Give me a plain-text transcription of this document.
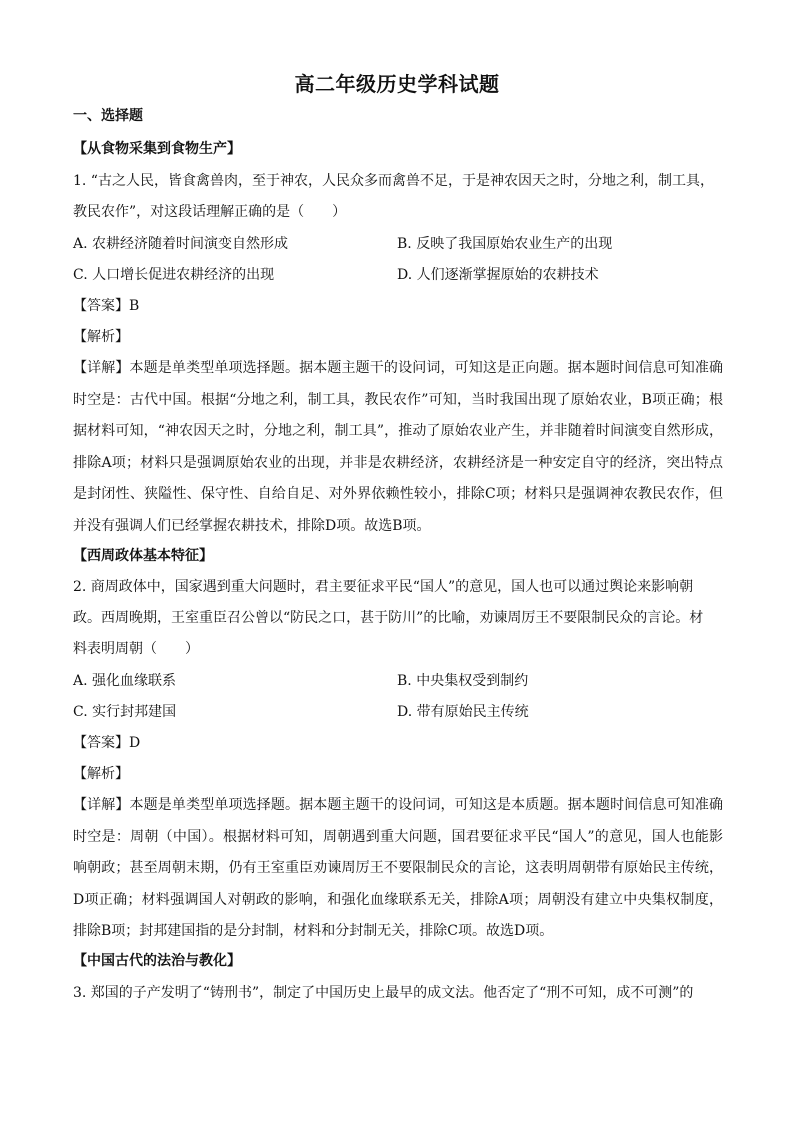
高二年级历史学科试题
一、选择题
【从食物采集到食物生产】
1. “古之人民，皆食禽兽肉，至于神农，人民众多而禽兽不足，于是神农因天之时，分地之利，制工具，
教民农作”，对这段话理解正确的是（　　）
A. 农耕经济随着时间演变自然形成	B. 反映了我国原始农业生产的出现
C. 人口增长促进农耕经济的出现	D. 人们逐渐掌握原始的农耕技术
【答案】B
【解析】
【详解】本题是单类型单项选择题。据本题主题干的设问词，可知这是正向题。据本题时间信息可知准确时空是：古代中国。根据“分地之利，制工具，教民农作”可知，当时我国出现了原始农业，B项正确；根据材料可知，“神农因天之时，分地之利，制工具”，推动了原始农业产生，并非随着时间演变自然形成，排除A项；材料只是强调原始农业的出现，并非是农耕经济，农耕经济是一种安定自守的经济，突出特点是封闭性、狭隘性、保守性、自给自足、对外界依赖性较小，排除C项；材料只是强调神农教民农作，但并没有强调人们已经掌握农耕技术，排除D项。故选B项。
【西周政体基本特征】
2. 商周政体中，国家遇到重大问题时，君主要征求平民“国人”的意见，国人也可以通过舆论来影响朝
政。西周晚期，王室重臣召公曾以“防民之口，甚于防川”的比喻，劝谏周厉王不要限制民众的言论。材
料表明周朝（　　）
A. 强化血缘联系	B. 中央集权受到制约
C. 实行封邦建国	D. 带有原始民主传统
【答案】D
【解析】
【详解】本题是单类型单项选择题。据本题主题干的设问词，可知这是本质题。据本题时间信息可知准确时空是：周朝（中国）。根据材料可知，周朝遇到重大问题，国君要征求平民“国人”的意见，国人也能影响朝政；甚至周朝末期，仍有王室重臣劝谏周厉王不要限制民众的言论，这表明周朝带有原始民主传统，D项正确；材料强调国人对朝政的影响，和强化血缘联系无关，排除A项；周朝没有建立中央集权制度，排除B项；封邦建国指的是分封制，材料和分封制无关，排除C项。故选D项。
【中国古代的法治与教化】
3. 郑国的子产发明了“铸刑书”，制定了中国历史上最早的成文法。他否定了“刑不可知，成不可测”的
